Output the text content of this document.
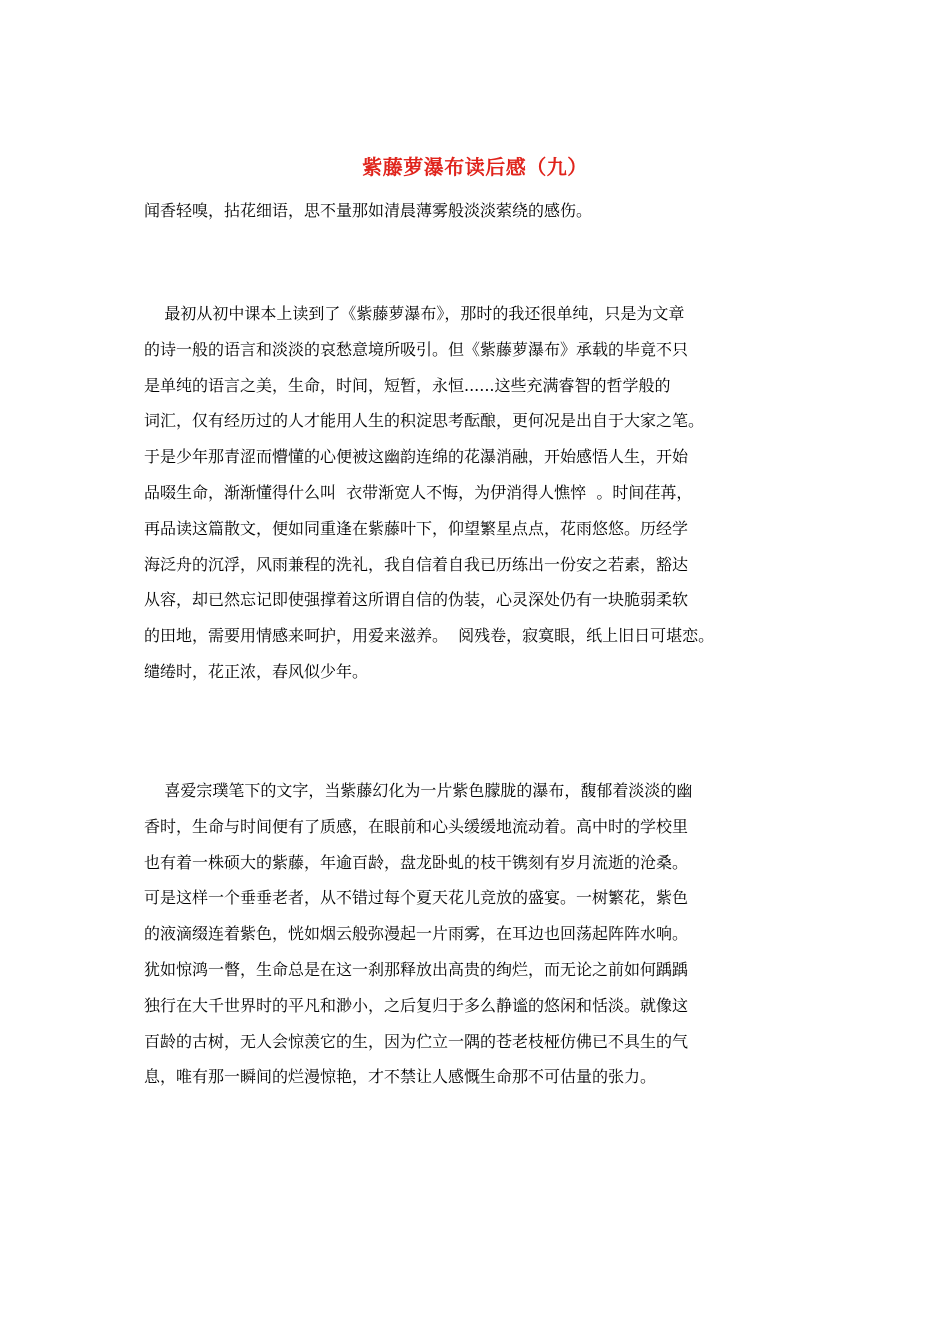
紫藤萝瀑布读后感（九）
闻香轻嗅，拈花细语，思不量那如清晨薄雾般淡淡萦绕的感伤。
最初从初中课本上读到了《紫藤萝瀑布》，那时的我还很单纯，只是为文章
的诗一般的语言和淡淡的哀愁意境所吸引。但《紫藤萝瀑布》承载的毕竟不只
是单纯的语言之美，生命，时间，短暂，永恒......这些充满睿智的哲学般的
词汇，仅有经历过的人才能用人生的积淀思考酝酿，更何况是出自于大家之笔。
于是少年那青涩而懵懂的心便被这幽韵连绵的花瀑消融，开始感悟人生，开始
品啜生命，渐渐懂得什么叫  衣带渐宽人不悔，为伊消得人憔悴  。时间荏苒，
再品读这篇散文，便如同重逢在紫藤叶下，仰望繁星点点，花雨悠悠。历经学
海泛舟的沉浮，风雨兼程的洗礼，我自信着自我已历练出一份安之若素，豁达
从容，却已然忘记即使强撑着这所谓自信的伪装，心灵深处仍有一块脆弱柔软
的田地，需要用情感来呵护，用爱来滋养。  阅残卷，寂寞眼，纸上旧日可堪恋。
缱绻时，花正浓，春风似少年。
喜爱宗璞笔下的文字，当紫藤幻化为一片紫色朦胧的瀑布，馥郁着淡淡的幽
香时，生命与时间便有了质感，在眼前和心头缓缓地流动着。高中时的学校里
也有着一株硕大的紫藤，年逾百龄，盘龙卧虬的枝干镌刻有岁月流逝的沧桑。
可是这样一个垂垂老者，从不错过每个夏天花儿竞放的盛宴。一树繁花，紫色
的液滴缀连着紫色，恍如烟云般弥漫起一片雨雾，在耳边也回荡起阵阵水响。
犹如惊鸿一瞥，生命总是在这一刹那释放出高贵的绚烂，而无论之前如何踽踽
独行在大千世界时的平凡和渺小，之后复归于多么静谧的悠闲和恬淡。就像这
百龄的古树，无人会惊羡它的生，因为伫立一隅的苍老枝桠仿佛已不具生的气
息，唯有那一瞬间的烂漫惊艳，才不禁让人感慨生命那不可估量的张力。
